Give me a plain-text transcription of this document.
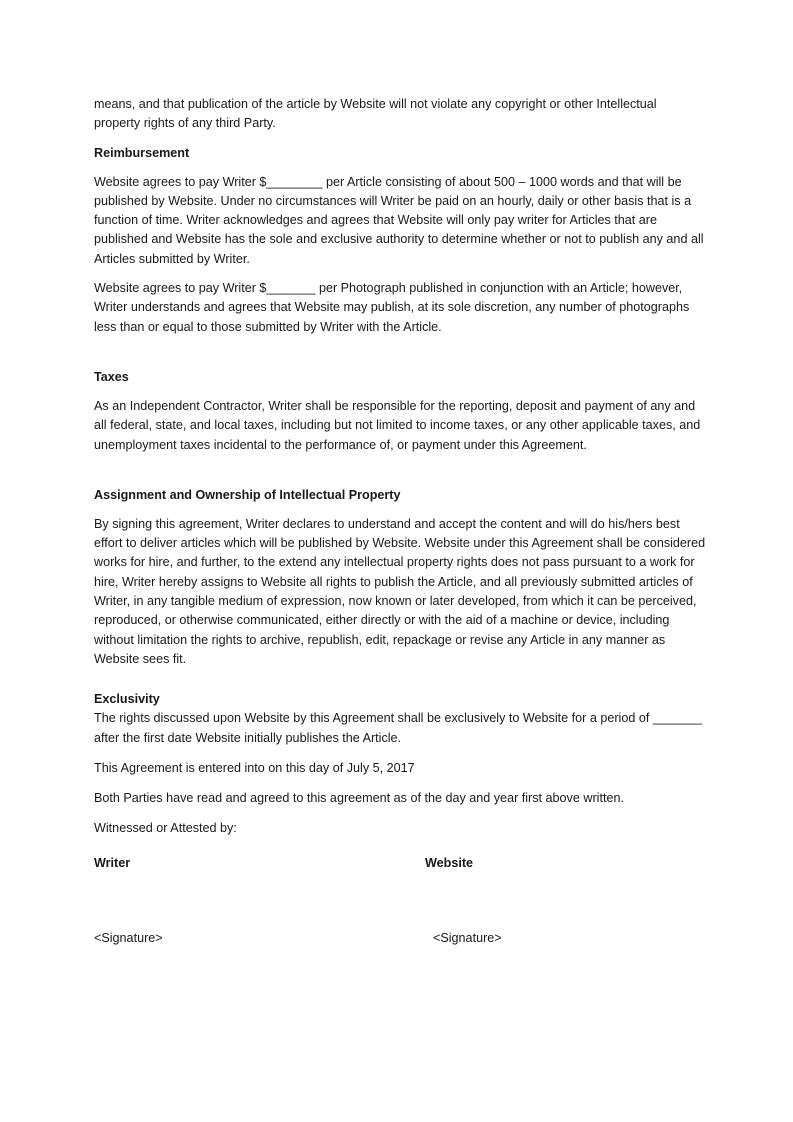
means, and that publication of the article by Website will not violate any copyright or other Intellectual property rights of any third Party.

Reimbursement

Website agrees to pay Writer $________ per Article consisting of about 500 – 1000 words and that will be published by Website. Under no circumstances will Writer be paid on an hourly, daily or other basis that is a function of time. Writer acknowledges and agrees that Website will only pay writer for Articles that are published and Website has the sole and exclusive authority to determine whether or not to publish any and all Articles submitted by Writer.

Website agrees to pay Writer $_______ per Photograph published in conjunction with an Article; however, Writer understands and agrees that Website may publish, at its sole discretion, any number of photographs less than or equal to those submitted by Writer with the Article.

Taxes

As an Independent Contractor, Writer shall be responsible for the reporting, deposit and payment of any and all federal, state, and local taxes, including but not limited to income taxes, or any other applicable taxes, and unemployment taxes incidental to the performance of, or payment under this Agreement.

Assignment and Ownership of Intellectual Property

By signing this agreement, Writer declares to understand and accept the content and will do his/hers best effort to deliver articles which will be published by Website. Website under this Agreement shall be considered works for hire, and further, to the extend any intellectual property rights does not pass pursuant to a work for hire, Writer hereby assigns to Website all rights to publish the Article, and all previously submitted articles of Writer, in any tangible medium of expression, now known or later developed, from which it can be perceived, reproduced, or otherwise communicated, either directly or with the aid of a machine or device, including without limitation the rights to archive, republish, edit, repackage or revise any Article in any manner as Website sees fit.

Exclusivity

The rights discussed upon Website by this Agreement shall be exclusively to Website for a period of _______ after the first date Website initially publishes the Article.

This Agreement is entered into on this day of July 5, 2017

Both Parties have read and agreed to this agreement as of the day and year first above written.

Witnessed or Attested by:

Writer	Website
<Signature>	<Signature>
